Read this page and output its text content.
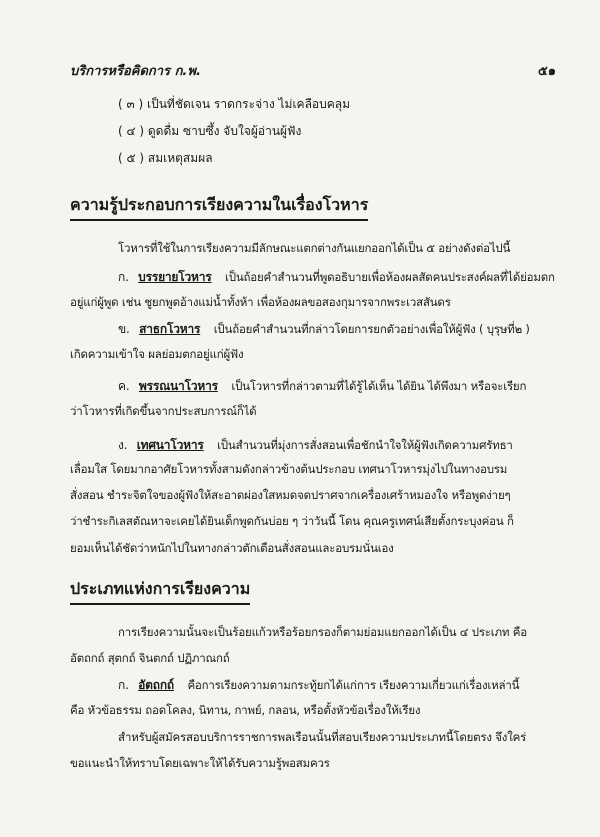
บริการหรือคิดการ ก.พ.	๕๑
( ๓ ) เป็นที่ชัดเจน ราดกระจ่าง ไม่เคลือบคลุม
( ๔ ) ดูดดื่ม ซาบซึ้ง จับใจผู้อ่านผู้ฟัง
( ๕ ) สมเหตุสมผล
ความรู้ประกอบการเรียงความในเรื่องโวหาร
โวหารที่ใช้ในการเรียงความมีลักษณะแตกต่างกันแยกออกได้เป็น ๕ อย่างดังต่อไปนี้
ก. บรรยายโวหาร เป็นถ้อยคำสำนวนที่พูดอธิบายเพื่อห้องผลสัดคนประสงค์ผลที่ได้ย่อมดก
อยู่แก่ผู้พูด เช่น ชูยกพูดอ้างแม่น้ำทั้งห้า เพื่อห้องผลขอสองกุมารจากพระเวสสันดร
ข. สาธกโวหาร เป็นถ้อยคำสำนวนที่กล่าวโดยการยกตัวอย่างเพื่อให้ผู้ฟัง ( บุรุษที่๒ )
เกิดความเข้าใจ ผลย่อมตกอยู่แก่ผู้ฟัง
ค. พรรณนาโวหาร เป็นโวหารที่กล่าวตามที่ได้รู้ได้เห็น ได้ยิน ได้พึงมา หรือจะเรียก
ว่าโวหารที่เกิดขึ้นจากประสบการณ์ก็ได้
ง. เทศนาโวหาร เป็นสำนวนที่มุ่งการสั่งสอนเพื่อชักนำใจให้ผู้ฟังเกิดความศรัทธา
เลื่อมใส โดยมากอาศัยโวหารทั้งสามดังกล่าวข้างต้นประกอบ เทศนาโวหารมุ่งไปในทางอบรม
สั่งสอน ชำระจิตใจของผู้ฟังให้สะอาดผ่องใสหมดจดปราศจากเครื่องเศร้าหมองใจ หรือพูดง่ายๆ
ว่าชำระกิเลสตัณหาจะเคยได้ยินเด็กพูดกันบ่อย ๆ ว่าวันนี้ โดน คุณครูเทศน์เสียตั้งกระบุงค่อน ก็
ยอมเห็นได้ชัดว่าหนักไปในทางกล่าวตักเตือนสั่งสอนและอบรมนั่นเอง
ประเภทแห่งการเรียงความ
การเรียงความนั้นจะเป็นร้อยแก้วหรือร้อยกรองก็ตามย่อมแยกออกได้เป็น ๔ ประเภท คือ
อัตถกถ์ สุตกถ์ จินตกถ์ ปฏิภาณกถ์
ก. อัตถกถ์ คือการเรียงความตามกระทู้ยกได้แก่การ เรียงความเกี่ยวแก่เรื่องเหล่านี้
คือ หัวข้อธรรม ถอดโคลง, นิทาน, กาพย์, กลอน, หรือตั้งหัวข้อเรื่องให้เรียง
สำหรับผู้สมัครสอบบริการราชการพลเรือนนั้นที่สอบเรียงความประเภทนี้โดยตรง จึงใคร่
ขอแนะนำให้ทราบโดยเฉพาะให้ได้รับความรู้พอสมควร
